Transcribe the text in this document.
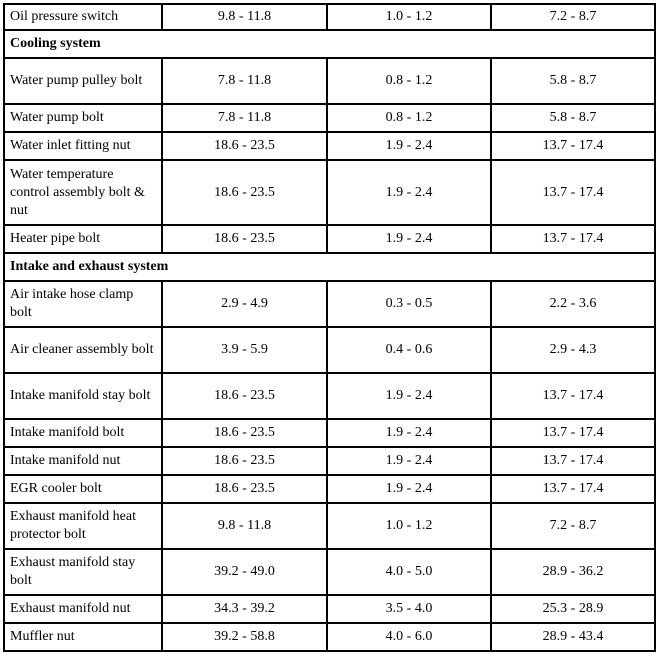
Oil pressure switch	9.8 - 11.8	1.0 - 1.2	7.2 - 8.7
Cooling system			
Water pump pulley bolt	7.8 - 11.8	0.8 - 1.2	5.8 - 8.7
Water pump bolt	7.8 - 11.8	0.8 - 1.2	5.8 - 8.7
Water inlet fitting nut	18.6 - 23.5	1.9 - 2.4	13.7 - 17.4
Water temperature control assembly bolt & nut	18.6 - 23.5	1.9 - 2.4	13.7 - 17.4
Heater pipe bolt	18.6 - 23.5	1.9 - 2.4	13.7 - 17.4
Intake and exhaust system			
Air intake hose clamp bolt	2.9 - 4.9	0.3 - 0.5	2.2 - 3.6
Air cleaner assembly bolt	3.9 - 5.9	0.4 - 0.6	2.9 - 4.3
Intake manifold stay bolt	18.6 - 23.5	1.9 - 2.4	13.7 - 17.4
Intake manifold bolt	18.6 - 23.5	1.9 - 2.4	13.7 - 17.4
Intake manifold nut	18.6 - 23.5	1.9 - 2.4	13.7 - 17.4
EGR cooler bolt	18.6 - 23.5	1.9 - 2.4	13.7 - 17.4
Exhaust manifold heat protector bolt	9.8 - 11.8	1.0 - 1.2	7.2 - 8.7
Exhaust manifold stay bolt	39.2 - 49.0	4.0 - 5.0	28.9 - 36.2
Exhaust manifold nut	34.3 - 39.2	3.5 - 4.0	25.3 - 28.9
Muffler nut	39.2 - 58.8	4.0 - 6.0	28.9 - 43.4
